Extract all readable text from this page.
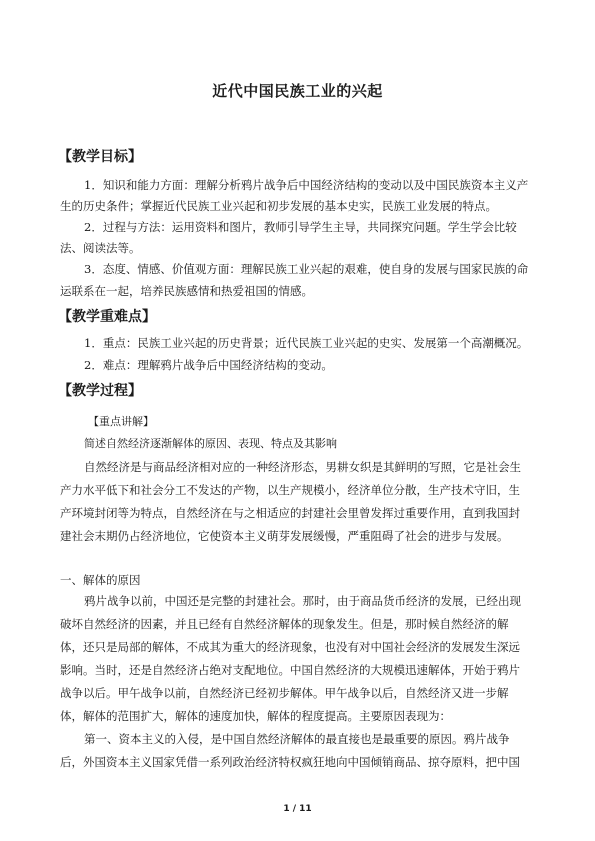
近代中国民族工业的兴起
【教学目标】
1．知识和能力方面：理解分析鸦片战争后中国经济结构的变动以及中国民族资本主义产
生的历史条件；掌握近代民族工业兴起和初步发展的基本史实，民族工业发展的特点。
2．过程与方法：运用资料和图片，教师引导学生主导，共同探究问题。学生学会比较
法、阅读法等。
3．态度、情感、价值观方面：理解民族工业兴起的艰难，使自身的发展与国家民族的命
运联系在一起，培养民族感情和热爱祖国的情感。
【教学重难点】
1．重点：民族工业兴起的历史背景；近代民族工业兴起的史实、发展第一个高潮概况。
2．难点：理解鸦片战争后中国经济结构的变动。
【教学过程】
【重点讲解】
简述自然经济逐渐解体的原因、表现、特点及其影响
自然经济是与商品经济相对应的一种经济形态，男耕女织是其鲜明的写照，它是社会生
产力水平低下和社会分工不发达的产物，以生产规模小，经济单位分散，生产技术守旧，生
产环境封闭等为特点，自然经济在与之相适应的封建社会里曾发挥过重要作用，直到我国封
建社会末期仍占经济地位，它使资本主义萌芽发展缓慢，严重阻碍了社会的进步与发展。
一、解体的原因
鸦片战争以前，中国还是完整的封建社会。那时，由于商品货币经济的发展，已经出现
破坏自然经济的因素，并且已经有自然经济解体的现象发生。但是，那时候自然经济的解
体，还只是局部的解体，不成其为重大的经济现象，也没有对中国社会经济的发展发生深远
影响。当时，还是自然经济占绝对支配地位。中国自然经济的大规模迅速解体，开始于鸦片
战争以后。甲午战争以前，自然经济已经初步解体。甲午战争以后，自然经济又进一步解
体，解体的范围扩大，解体的速度加快，解体的程度提高。主要原因表现为：
第一、资本主义的入侵，是中国自然经济解体的最直接也是最重要的原因。鸦片战争
后，外国资本主义国家凭借一系列政治经济特权疯狂地向中国倾销商品、掠夺原料，把中国
1 / 11
